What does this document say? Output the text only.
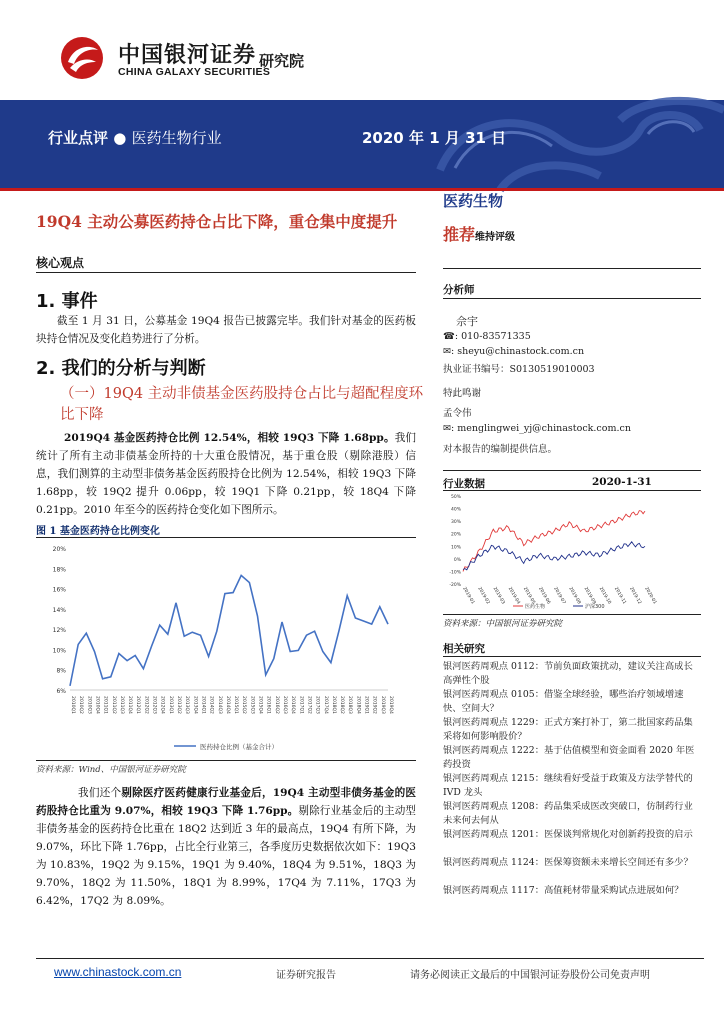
中国银河证券
CHINA GALAXY SECURITIES
研究院
行业点评 ● 医药生物行业	2020 年 1 月 31 日
19Q4 主动公募医药持仓占比下降，重仓集中度提升
核心观点
1. 事件
截至 1 月 31 日，公募基金 19Q4 报告已披露完毕。我们针对基金的医药板块持仓情况及变化趋势进行了分析。
2. 我们的分析与判断
（一）19Q4 主动非债基金医药股持仓占比与超配程度环比下降
2019Q4 基金医药持仓比例 12.54%，相较 19Q3 下降 1.68pp。我们统计了所有主动非债基金所持的十大重仓股情况，基于重仓股（剔除港股）信息，我们测算的主动型非债务基金医药股持仓比例为 12.54%，相较 19Q3 下降 1.68pp，较 19Q2 提升 0.06pp，较 19Q1 下降 0.21pp，较 18Q4 下降 0.21pp。2010 年至今的医药持仓变化如下图所示。
图 1 基金医药持仓比例变化
20%
18%
16%
14%
12%
10%
8%
6%
2010Q1 2010Q2 2010Q3 2010Q4 2011Q1 2011Q2 2011Q3 2011Q4 2012Q1 2012Q2 2012Q3 2012Q4 2013Q1 2013Q2 2013Q3 2013Q4 2014Q1 2014Q2 2014Q3 2014Q4 2015Q1 2015Q2 2015Q3 2015Q4 2016Q1 2016Q2 2016Q3 2016Q4 2017Q1 2017Q2 2017Q3 2017Q4 2018Q1 2018Q2 2018Q3 2018Q4 2019Q1 2019Q2 2019Q3 2019Q4
医药持仓比例（基金合计）
资料来源：Wind、中国银河证券研究院
我们还个剔除医疗医药健康行业基金后，19Q4 主动型非债务基金的医药股持仓比重为 9.07%，相较 19Q3 下降 1.76pp。剔除行业基金后的主动型非债务基金的医药持仓比重在 18Q2 达到近 3 年的最高点，19Q4 有所下降，为 9.07%，环比下降 1.76pp，占比全行业第三，各季度历史数据依次如下：19Q3 为 10.83%，19Q2 为 9.15%，19Q1 为 9.40%，18Q4 为 9.51%，18Q3 为 9.70%，18Q2 为 11.50%，18Q1 为 8.99%，17Q4 为 7.11%，17Q3 为 6.42%，17Q2 为 8.09%。
医药生物
推荐维持评级
分析师
佘宇
☎: 010-83571335
✉: sheyu@chinastock.com.cn
执业证书编号：S0130519010003
特此鸣谢
孟令伟
✉: menglingwei_yj@chinastock.com.cn
对本报告的编制提供信息。
行业数据	2020-1-31
50%
40%
30%
20%
10%
0%
-10%
-20%
2019-01 2019-02 2019-03 2019-04 2019-05 2019-06 2019-07 2019-08 2019-09 2019-10 2019-11 2019-12 2020-01
医药生物	沪深300
资料来源：中国银河证券研究院
相关研究
银河医药周观点 0112：节前负面政策扰动，建议关注高成长高弹性个股
银河医药周观点 0105：借鉴全球经验，哪些治疗领域增速快、空间大？
银河医药周观点 1229：正式方案打补丁，第二批国家药品集采将如何影响股价？
银河医药周观点 1222：基于估值模型和资金面看 2020 年医药投资
银河医药周观点 1215：继续看好受益于政策及方法学替代的 IVD 龙头
银河医药周观点 1208：药品集采成医改突破口，仿制药行业未来何去何从
银河医药周观点 1201：医保谈判常规化对创新药投资的启示
银河医药周观点 1124：医保筹资额未来增长空间还有多少？
银河医药周观点 1117：高值耗材带量采购试点进展如何？
www.chinastock.com.cn	证券研究报告	请务必阅读正文最后的中国银河证券股份公司免责声明
